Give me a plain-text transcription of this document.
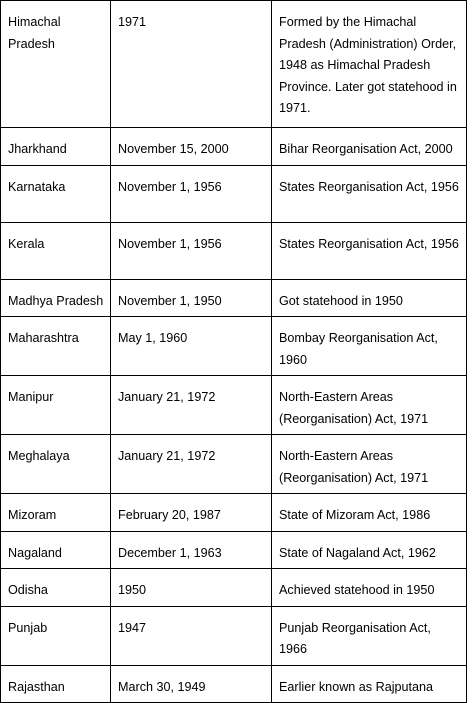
Himachal Pradesh	1971	Formed by the Himachal Pradesh (Administration) Order, 1948 as Himachal Pradesh Province. Later got statehood in 1971.
Jharkhand	November 15, 2000	Bihar Reorganisation Act, 2000
Karnataka	November 1, 1956	States Reorganisation Act, 1956
Kerala	November 1, 1956	States Reorganisation Act, 1956
Madhya Pradesh	November 1, 1950	Got statehood in 1950
Maharashtra	May 1, 1960	Bombay Reorganisation Act, 1960
Manipur	January 21, 1972	North-Eastern Areas (Reorganisation) Act, 1971
Meghalaya	January 21, 1972	North-Eastern Areas (Reorganisation) Act, 1971
Mizoram	February 20, 1987	State of Mizoram Act, 1986
Nagaland	December 1, 1963	State of Nagaland Act, 1962
Odisha	1950	Achieved statehood in 1950
Punjab	1947	Punjab Reorganisation Act, 1966
Rajasthan	March 30, 1949	Earlier known as Rajputana
